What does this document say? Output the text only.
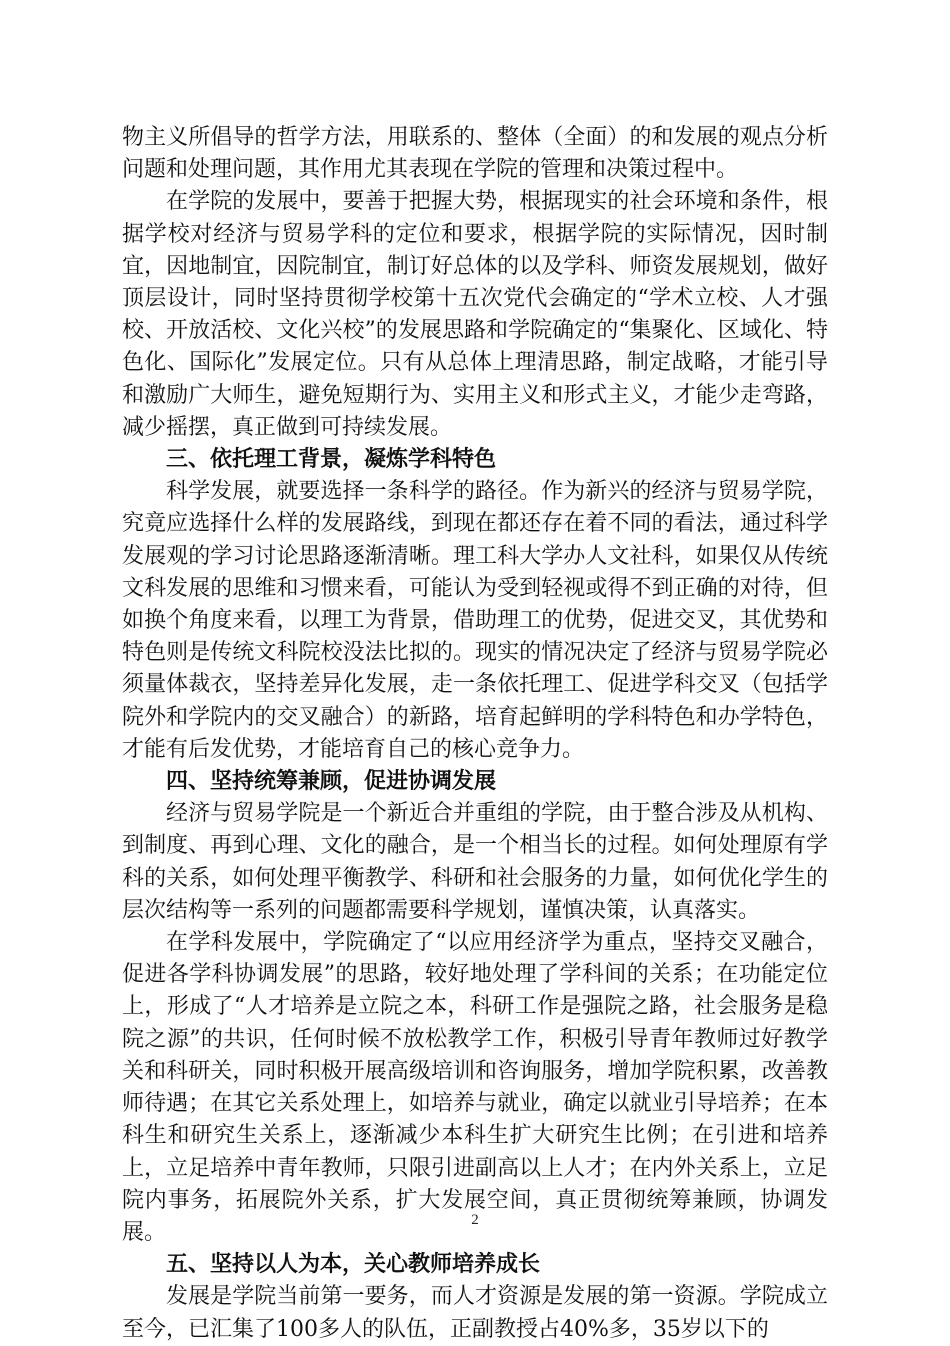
物主义所倡导的哲学方法，用联系的、整体（全面）的和发展的观点分析问题和处理问题，其作用尤其表现在学院的管理和决策过程中。

在学院的发展中，要善于把握大势，根据现实的社会环境和条件，根据学校对经济与贸易学科的定位和要求，根据学院的实际情况，因时制宜，因地制宜，因院制宜，制订好总体的以及学科、师资发展规划，做好顶层设计，同时坚持贯彻学校第十五次党代会确定的“学术立校、人才强校、开放活校、文化兴校”的发展思路和学院确定的“集聚化、区域化、特色化、国际化”发展定位。只有从总体上理清思路，制定战略，才能引导和激励广大师生，避免短期行为、实用主义和形式主义，才能少走弯路，减少摇摆，真正做到可持续发展。

三、依托理工背景，凝炼学科特色

科学发展，就要选择一条科学的路径。作为新兴的经济与贸易学院，究竟应选择什么样的发展路线，到现在都还存在着不同的看法，通过科学发展观的学习讨论思路逐渐清晰。理工科大学办人文社科，如果仅从传统文科发展的思维和习惯来看，可能认为受到轻视或得不到正确的对待，但如换个角度来看，以理工为背景，借助理工的优势，促进交叉，其优势和特色则是传统文科院校没法比拟的。现实的情况决定了经济与贸易学院必须量体裁衣，坚持差异化发展，走一条依托理工、促进学科交叉（包括学院外和学院内的交叉融合）的新路，培育起鲜明的学科特色和办学特色，才能有后发优势，才能培育自己的核心竞争力。

四、坚持统筹兼顾，促进协调发展

经济与贸易学院是一个新近合并重组的学院，由于整合涉及从机构、到制度、再到心理、文化的融合，是一个相当长的过程。如何处理原有学科的关系，如何处理平衡教学、科研和社会服务的力量，如何优化学生的层次结构等一系列的问题都需要科学规划，谨慎决策，认真落实。

在学科发展中，学院确定了“以应用经济学为重点，坚持交叉融合，促进各学科协调发展”的思路，较好地处理了学科间的关系；在功能定位上，形成了“人才培养是立院之本，科研工作是强院之路，社会服务是稳院之源”的共识，任何时候不放松教学工作，积极引导青年教师过好教学关和科研关，同时积极开展高级培训和咨询服务，增加学院积累，改善教师待遇；在其它关系处理上，如培养与就业，确定以就业引导培养；在本科生和研究生关系上，逐渐减少本科生扩大研究生比例；在引进和培养上，立足培养中青年教师，只限引进副高以上人才；在内外关系上，立足院内事务，拓展院外关系，扩大发展空间，真正贯彻统筹兼顾，协调发展。

五、坚持以人为本，关心教师培养成长

发展是学院当前第一要务，而人才资源是发展的第一资源。学院成立至今，已汇集了100多人的队伍，正副教授占40%多，35岁以下的

2
